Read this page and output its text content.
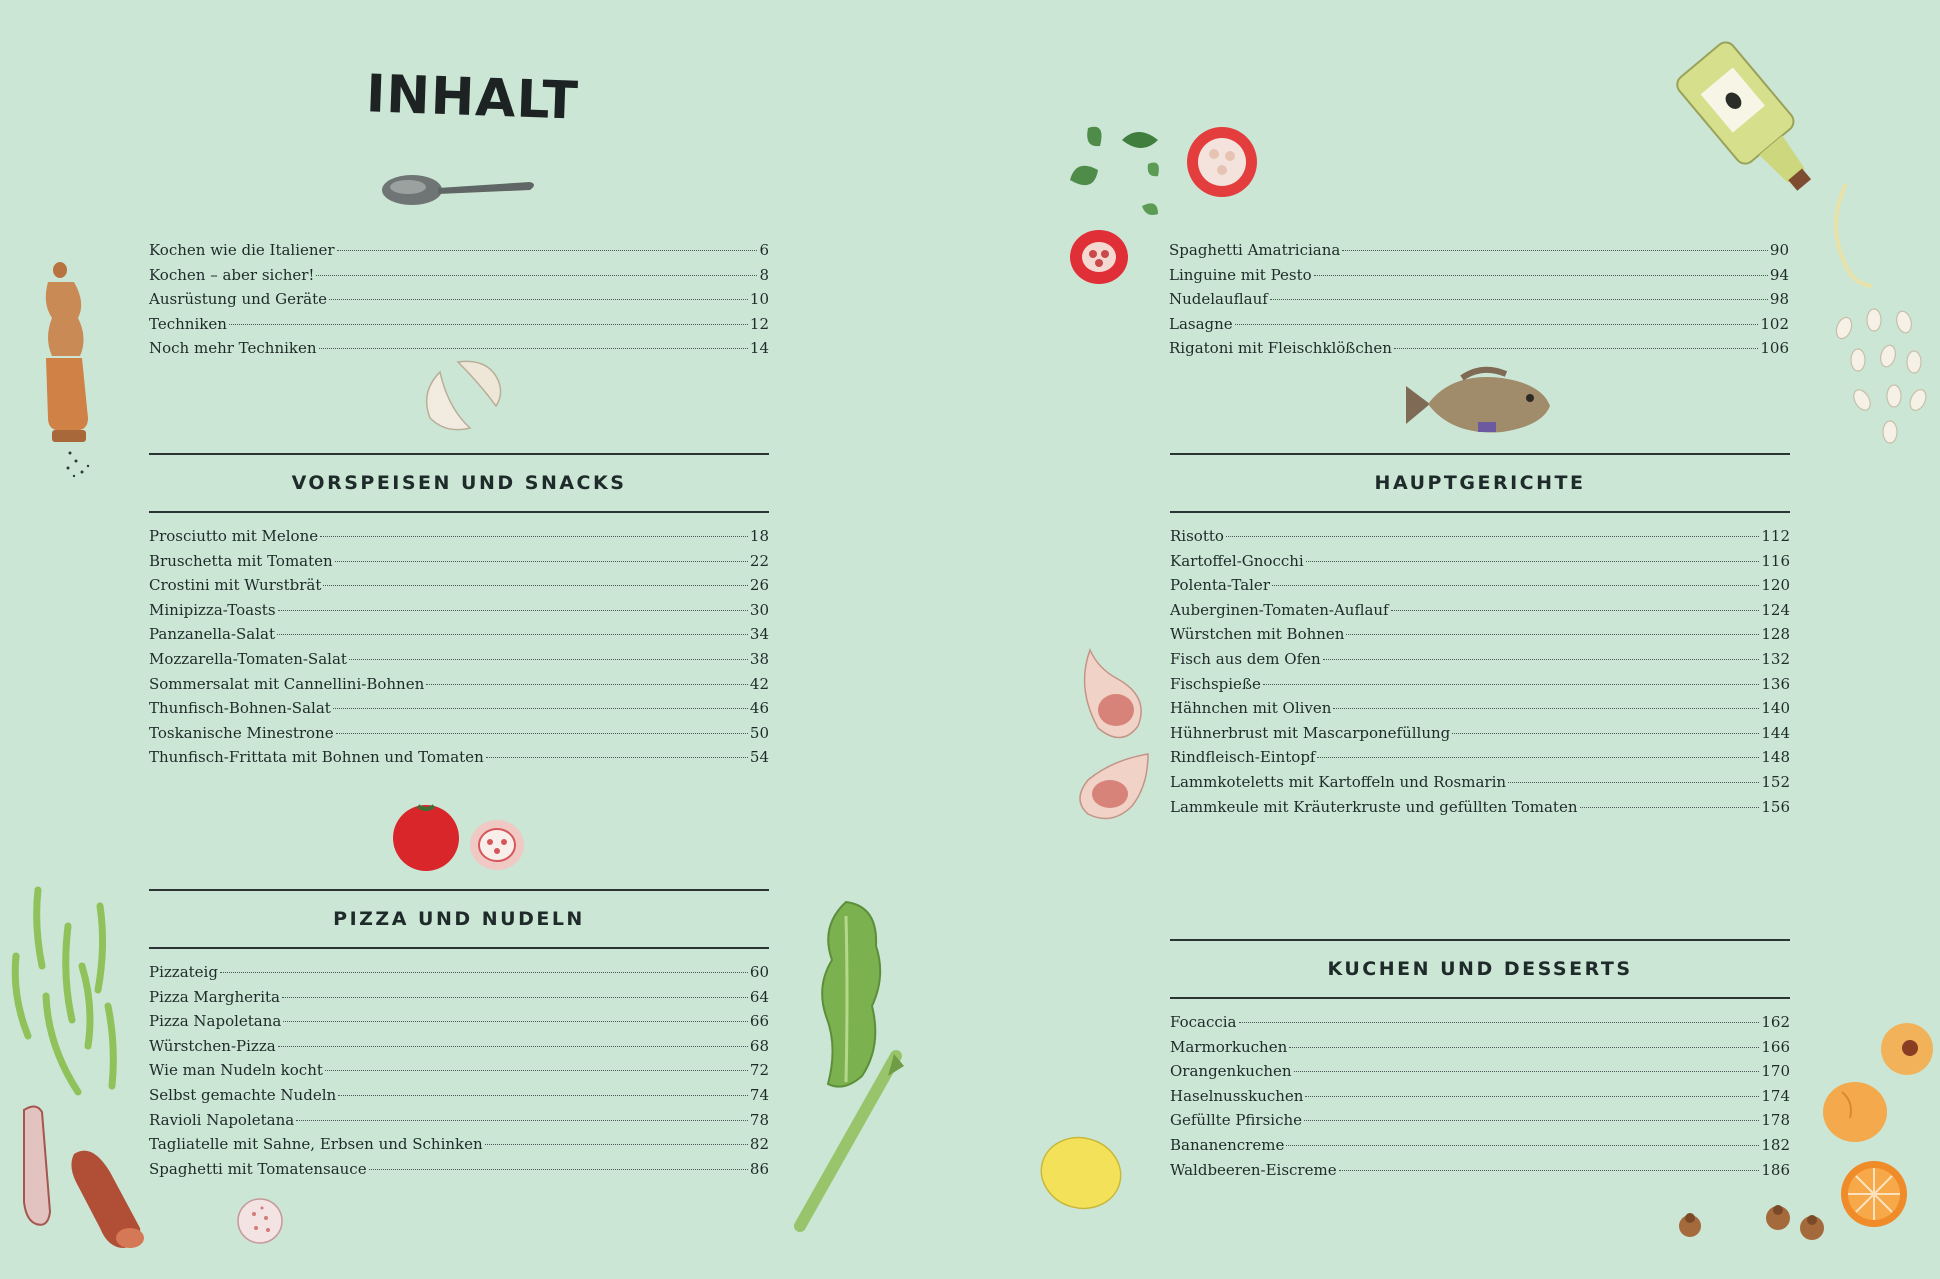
INHALT
Kochen wie die Italiener	6
Kochen – aber sicher!	8
Ausrüstung und Geräte	10
Techniken	12
Noch mehr Techniken	14
Spaghetti Amatriciana	90
Linguine mit Pesto	94
Nudelauflauf	98
Lasagne	102
Rigatoni mit Fleischklößchen	106
VORSPEISEN UND SNACKS
Prosciutto mit Melone	18
Bruschetta mit Tomaten	22
Crostini mit Wurstbrät	26
Minipizza-Toasts	30
Panzanella-Salat	34
Mozzarella-Tomaten-Salat	38
Sommersalat mit Cannellini-Bohnen	42
Thunfisch-Bohnen-Salat	46
Toskanische Minestrone	50
Thunfisch-Frittata mit Bohnen und Tomaten	54
PIZZA UND NUDELN
Pizzateig	60
Pizza Margherita	64
Pizza Napoletana	66
Würstchen-Pizza	68
Wie man Nudeln kocht	72
Selbst gemachte Nudeln	74
Ravioli Napoletana	78
Tagliatelle mit Sahne, Erbsen und Schinken	82
Spaghetti mit Tomatensauce	86
HAUPTGERICHTE
Risotto	112
Kartoffel-Gnocchi	116
Polenta-Taler	120
Auberginen-Tomaten-Auflauf	124
Würstchen mit Bohnen	128
Fisch aus dem Ofen	132
Fischspieße	136
Hähnchen mit Oliven	140
Hühnerbrust mit Mascarponefüllung	144
Rindfleisch-Eintopf	148
Lammkoteletts mit Kartoffeln und Rosmarin	152
Lammkeule mit Kräuterkruste und gefüllten Tomaten	156
KUCHEN UND DESSERTS
Focaccia	162
Marmorkuchen	166
Orangenkuchen	170
Haselnusskuchen	174
Gefüllte Pfirsiche	178
Bananencreme	182
Waldbeeren-Eiscreme	186
